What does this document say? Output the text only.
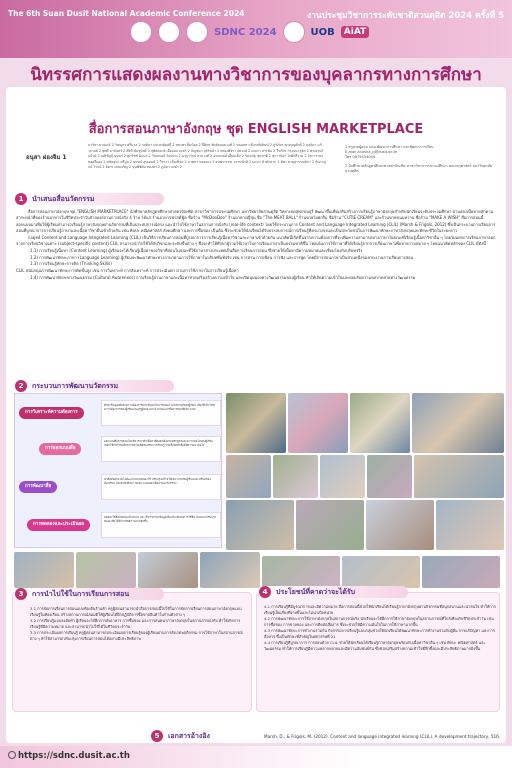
The 6th Suan Dusit National Academic Conference 2024	งานประชุมวิชาการระดับชาติสวนดุสิต 2024 ครั้งที่ 5
SDNC 2024	UOB	AiAT
นิทรรศการแสดงผลงานทางวิชาการของบุคลากรทางการศึกษา
สื่อการสอนภาษาอังกฤษ ชุด ENGLISH MARKETPLACE
อนุสา ผ่องจิม 1
มาริสา ยาเมกด์ 2 วิษณุกร ศรีนวล 2 กฤติภา ประสงค์ผลดี 2 สุชาพร ยิ้มน้อย 2 ปีติพร สัตย์ถนอมวงศ์ 2 ขณงพร แข็งกสนิพัฒน์ 2 ภูริภัทร พวงบุญศักดิ์ 2 มลุลิกา แก้วกาลย์ 2 ยุพดี ลาจันทร์ 2 ศิริดี พันชูโพธิ์ 2 สุพิศษยาย์ เอี่ยมอนวมทร์ 2 ธัญชนก สุจิริหน้า 2 พรองพิจิรา จัดวงษ์ 2 มณกา สารพัน 2 วีรภัทร กรุงปนะชูลิก 2 พรเอรุปก์ แก้วน์ 2 ณหิรัญธุ์ ขุมมา 2 ศุภรัชช์ อินนร่ 2 วิมลเนตร์ ลิมเปรง 2 นรุฐาวัจน์ สายวงค์ 2 อรปมณห์ เอี่ยมเห็ก 2 รินนนัฐ ชุนชาติ 2 สุกาวนิยา์ โพธิ์ศรีงาม 2 จิรการาดร หอศรีทอง 2 ขนิษฐนา ศรีมูล 2 พรรณ์ สุขเอนด์ 2 วีรการ เข็มเพ็ชร 2 ภาตตา ทองพวง 2 ธนพรวรรณ จรรบทักษ์ 2 มฤนา หัวดักลาบ 2 ดิศา ทายุสุวรรณลิกา 2 กับกาญจน์ โรจน์ 2 อิงกร เดชเจริญ 2 ขุนพิชิติม ทองดา 2 ภูมิมา ลงคำ 2
1 ครูสายผู้สอน คณะพัฒนาการศึกษา และพัฒนาการเรียน
E-mail anusha_p@dusit.ac.th
โทร 0879434004
2 นักศึกษาหลักสูตรศึกษาศาสตรบัณฑิต สาขาวิชาการประถมศึกษา คณะครุศาสตร์ มหาวิทยาลัยสวนดุสิต
1	นำเสนอสื่อนวัตกรรม

สื่อการสอนภาษาอังกฤษ ชุด "ENGLISH MARKETPLACE" นักศึกษาหลักสูตรศึกษาศาสตรบัณฑิต สาขาวิชาการประถมศึกษา มหาวิทยาลัยสวนดุสิต วิทยาเขตสุพรรณบุรี พัฒนาขึ้นเพื่อเสริมสร้างการเรียนรู้ภาษาอังกฤษสำหรับนักเรียนระดับประถมศึกษา ผ่านสองเนื้อหาหลักตามสาระหน้าที่ของร้านอาหารในชีวิตประจำวันจำลองสถานการณ์จริง 4 ร้าน ได้แก่ ร้านอาหารฟาสต์ฟู้ด ชื่อร้าน "McDooDoo" ร้านอาหารญี่ปุ่น ชื่อ "The MEAT BALL" ร้านขายไอศกรีม ชื่อร้าน "CUTIE CREAM" และร้านขายขนมหวาน ชื่อร้าน "MAKE A WISH" สื่อการสอนนี้ออกแบบมาเพื่อให้ผู้เรียนสามารถเรียนรู้ภาษาอังกฤษผ่านกิจกรรมที่เป็นประสบการณ์ตรง และนำไปใช้ภาษาในสถานการณ์จริง (real-life context) โดยใช้กระบวนการ Content and Language Integrated Learning (CLIL) (Marsh & Frigols, 2012) ซึ่งเป็นกระบวนการเรียนการสอนที่บูรณาการการเรียนรู้ภาษาและเนื้อหาวิชาอื่นเข้าด้วยกัน เช่น ศิลปะ คณิตศาสตร์ สังคมศึกษา และการซื้อของ เป็นต้น ซึ่งจะช่วยให้นักเรียนได้รับประสบการณ์การเรียนรู้ที่ครบวงจรและเป็นประโยชน์ในการพัฒนาทักษะภาษาอังกฤษและทักษะชีวิตในระยะยาว

กลยุทธ์ Content and Language Integrated Learning (CLIL) เป็นวิธีการเรียนการสอนที่บูรณาการการเรียนรู้เนื้อหาวิชาและภาษาเข้าด้วยกัน แนวคิดนี้เกิดขึ้นจากความต้องการที่จะเพิ่มความสามารถทางภาษาในขณะที่เรียนรู้เนื้อหาวิชาอื่น ๆ โดยไม่แยกการเรียนภาษาออกจากการเรียนวิชาเฉพาะ (subject-specific content) CLIL สามารถนำไปใช้ได้กับวิชาและระดับชั้นต่าง ๆ ซึ่งจะทำให้ศึกษาผู้รวมใช้เวลาในการเรียนภาษาเป็นธรรมชาติขึ้น โดยเน้นการใช้ภาษาที่ได้เรียนรู้จากการเรียนภาษาเพื่อหาความหมาย ๆ โดยแนวคิดหลักของ CLIL มีดังนี้

1.1) การเรียนรู้เนื้อหา (Content Learning) ผู้เรียนจะได้เรียนรู้เนื้อหาของวิชาที่สอนในขณะที่ใช้ภาษาต่างประเทศเป็นสื่อการเรียนการสอน ซึ่งช่วยให้เนื้อหามีความหมายและเชื่อมโยงกับบริบทจริง

1.2) การพัฒนาทักษะภาษา (Language Learning) ผู้เรียนจะพัฒนาทักษะทางภาษาผ่านการใช้ภาษาในบริบทที่แท้จริง เช่น การอ่าน การเขียน การฟัง และการพูด โดยมีการสอนภาษาเป็นส่วนหนึ่งของกระบวนการเรียนการสอน

1.3) การเรียนรู้ทักษะการคิด (Thinking Skills)

CLIL สนับสนุนการพัฒนาทักษะการคิดขั้นสูง เช่น การวิเคราะห์ การสังเคราะห์ การประเมินค่า ผ่านการใช้ภาษาในการเรียนรู้เนื้อหา

1.4) การพัฒนาทักษะทางวัฒนธรรม (Cultural Awareness) การเรียนรู้ผ่านภาษาและเนื้อหาช่วยเสริมสร้างความเข้าใจ และเปิดมุมมองทางวัฒนธรรมของผู้เรียน ทำให้เกิดความเข้าใจและยอมรับความหลากหลายทางวัฒนธรรม

2	กระบวนการพัฒนานวัตกรรม
การวิเคราะห์ความต้องการ
ศึกษาข้อมูลเพื่อหาความต้องการและปัญหาในการสอนภาษาอังกฤษของผู้เรียน เพื่อให้เข้าใจถึงความต้องการของผู้เรียนและครูผู้สอน และนำมาพัฒนาสื่อการสอนที่เหมาะสม
การออกแบบสื่อ
ออกแบบสื่อการสอนโดยพิจารณาถึงเนื้อหาที่สอดคล้องกับหลักสูตรและความสนใจของผู้เรียน เลือกใช้กิจกรรมที่หลากหลายเพื่อส่งเสริมการเรียนรู้ รวมทั้งจัดทำสื่อที่มีความน่าสนใจ
การพัฒนาสื่อ
นำสื่อที่ออกแบบไปพัฒนาและทดลองใช้ ปรับปรุงแก้ไขให้เหมาะสมกับผู้เรียนและบริบทของห้องเรียน โดยคำนึงถึงความเหมาะสมของเนื้อหาและกิจกรรม
การทดลองและประเมินผล
ทดลองใช้สื่อกับกลุ่มเป้าหมาย และเก็บรวบรวมข้อมูลเพื่อประเมินผลการใช้สื่อ นำผลมาปรับปรุงพัฒนาสื่อให้มีประสิทธิภาพมากยิ่งขึ้น
3	การนำไปใช้ในการเรียนการสอน

3.1 การจัดการเรียนการสอนแบบท้องถิ่นร้านค้า ครูผู้สอนสามารถนำสื่อการสอนนี้ไปใช้ในการจัดการเรียนการสอนภาษาอังกฤษแบบเรียนรู้ในท้องเรียน สร้างสถานการณ์สมมติให้ผู้เรียนได้ฝึกปฏิบัติการซื้อขายสินค้าในร้านค้าต่าง ๆ

3.2 การเรียนรู้แบบลงมือทำ ผู้เรียนจะได้ฝึกการสั่งอาหาร การซื้อของ และการสนทนาภาษาอังกฤษในสถานการณ์จริง ทำให้เกิดการเรียนรู้ที่มีความหมาย และสามารถนำไปใช้ได้ในชีวิตประจำวัน

3.3 การประเมินผลการเรียนรู้ ครูผู้สอนสามารถประเมินผลการเรียนรู้ของผู้เรียนผ่านการสังเกตพฤติกรรม การใช้ภาษาในสถานการณ์ต่าง ๆ ทำให้สามารถปรับปรุงการเรียนการสอนได้อย่างมีประสิทธิภาพ

4	ประโยชน์ที่คาดว่าจะได้รับ

4.1 การเรียนรู้ที่มีบูรณาการและมีความหมาย สื่อการสอนนี้ช่วยให้นักเรียนได้เรียนรู้ภาษาอังกฤษผ่านกิจกรรมที่สนุกสนานและน่าสนใจ ทำให้การเรียนรู้เป็นเรื่องที่ง่ายขึ้นและไม่น่าเบื่อหน่าย

4.2 การพัฒนาทักษะการใช้ภาษาอังกฤษในสถานการณ์จริง นักเรียนจะได้ฝึกการใช้ภาษาอังกฤษในสถานการณ์ที่ใกล้เคียงกับชีวิตประจำวัน เช่น การซื้อของ การขายของ และการติดต่อสื่อสาร ซึ่งจะช่วยให้มีความมั่นใจในการใช้ภาษามากขึ้น

4.3 การพัฒนาทักษะการทำงานร่วมกัน กิจกรรมการเรียนรู้แบบกลุ่มช่วยให้นักเรียนได้พัฒนาทักษะการทำงานร่วมกับผู้อื่น การแก้ปัญหา และการสื่อสาร ซึ่งเป็นทักษะที่สำคัญในศตวรรษที่ 21

4.4 การเรียนรู้ที่บูรณาการ การสอนด้วย CLIL ช่วยให้นักเรียนได้เรียนรู้ภาษาอังกฤษพร้อมกับเนื้อหาวิชาอื่น ๆ เช่น ศิลปะ คณิตศาสตร์ และวัฒนธรรม ทำให้การเรียนรู้มีความหลากหลายและมีความสัมพันธ์กัน ซึ่งช่วยเสริมสร้างความเข้าใจที่ลึกซึ้งและมีประสิทธิภาพมากยิ่งขึ้น

5	เอกสารอ้างอิง	Marsh, D., & Frigols, M. (2012). Content and language integrated learning (CLIL). A development trajectory, 516.
https://sdnc.dusit.ac.th
